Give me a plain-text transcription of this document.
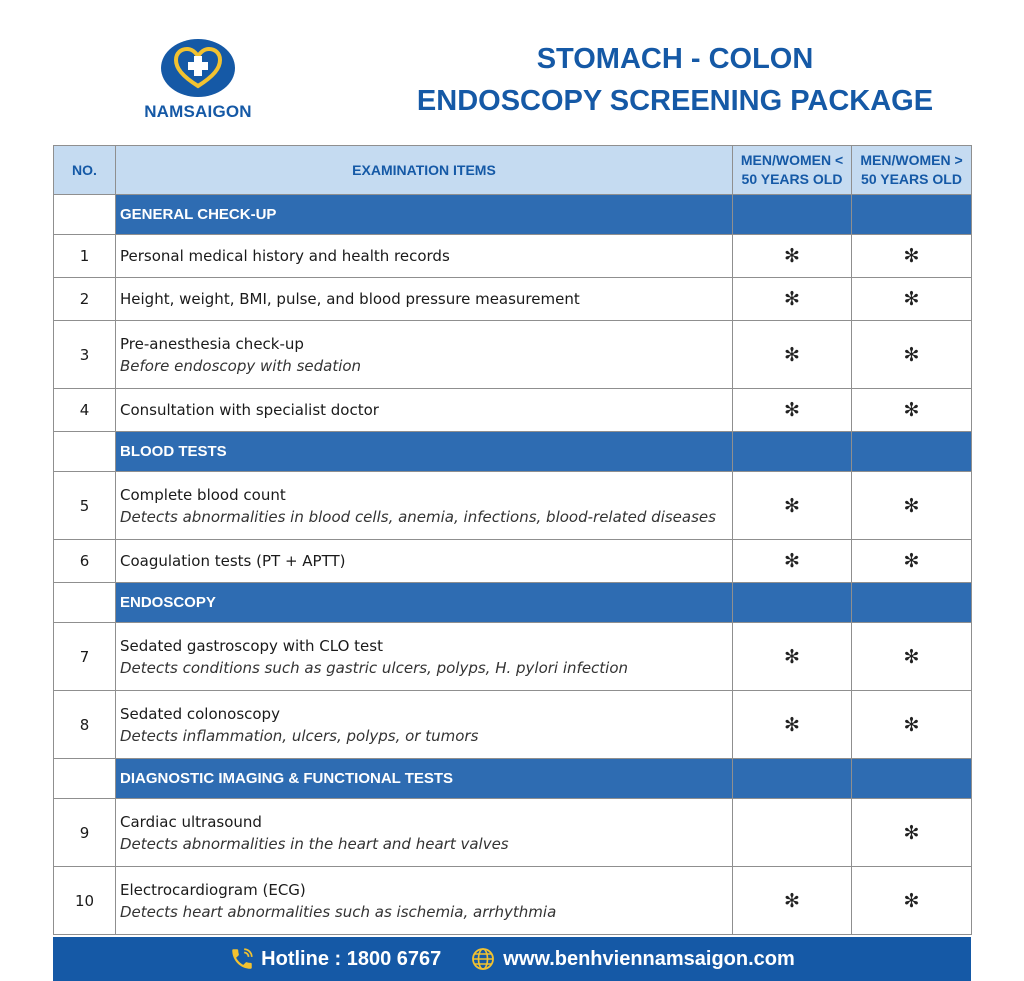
NAMSAIGON
STOMACH - COLON
ENDOSCOPY SCREENING PACKAGE
NO.	EXAMINATION ITEMS	MEN/WOMEN < 50 YEARS OLD	MEN/WOMEN > 50 YEARS OLD
	GENERAL CHECK-UP		
1	Personal medical history and health records	✻	✻
2	Height, weight, BMI, pulse, and blood pressure measurement	✻	✻
3	Pre-anesthesia check-up
Before endoscopy with sedation	✻	✻
4	Consultation with specialist doctor	✻	✻
	BLOOD TESTS		
5	Complete blood count
Detects abnormalities in blood cells, anemia, infections, blood-related diseases	✻	✻
6	Coagulation tests (PT + APTT)	✻	✻
	ENDOSCOPY		
7	Sedated gastroscopy with CLO test
Detects conditions such as gastric ulcers, polyps, H. pylori infection	✻	✻
8	Sedated colonoscopy
Detects inflammation, ulcers, polyps, or tumors	✻	✻
	DIAGNOSTIC IMAGING & FUNCTIONAL TESTS		
9	Cardiac ultrasound
Detects abnormalities in the heart and heart valves		✻
10	Electrocardiogram (ECG)
Detects heart abnormalities such as ischemia, arrhythmia	✻	✻
Hotline : 1800 6767	www.benhviennamsaigon.com
